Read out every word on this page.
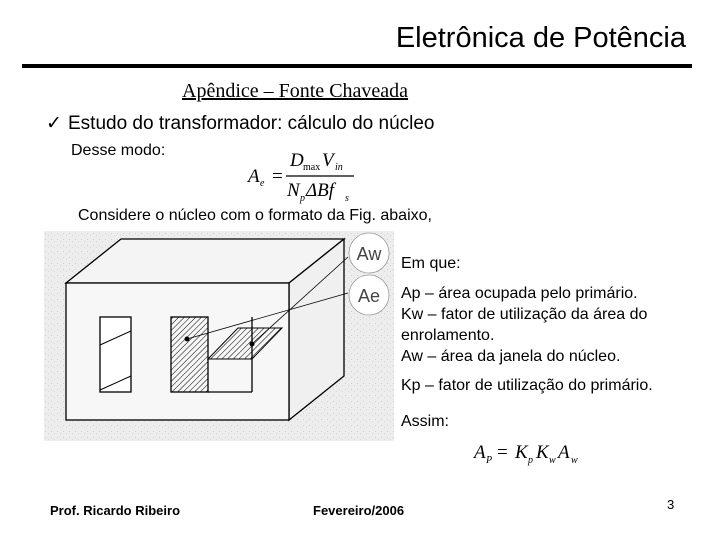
Eletrônica de Potência
Apêndice – Fonte Chaveada
✓ Estudo do transformador: cálculo do núcleo
Desse modo:
A e =
D max V in
N p ΔBf s
Considere o núcleo com o formato da Fig. abaixo,
Aw
Ae
Em que:
Ap – área ocupada pelo primário.
Kw – fator de utilização da área do
enrolamento.
Aw – área da janela do núcleo.
Kp – fator de utilização do primário.
Assim:
A P = K p K w A w
Prof. Ricardo Ribeiro	Fevereiro/2006	3
